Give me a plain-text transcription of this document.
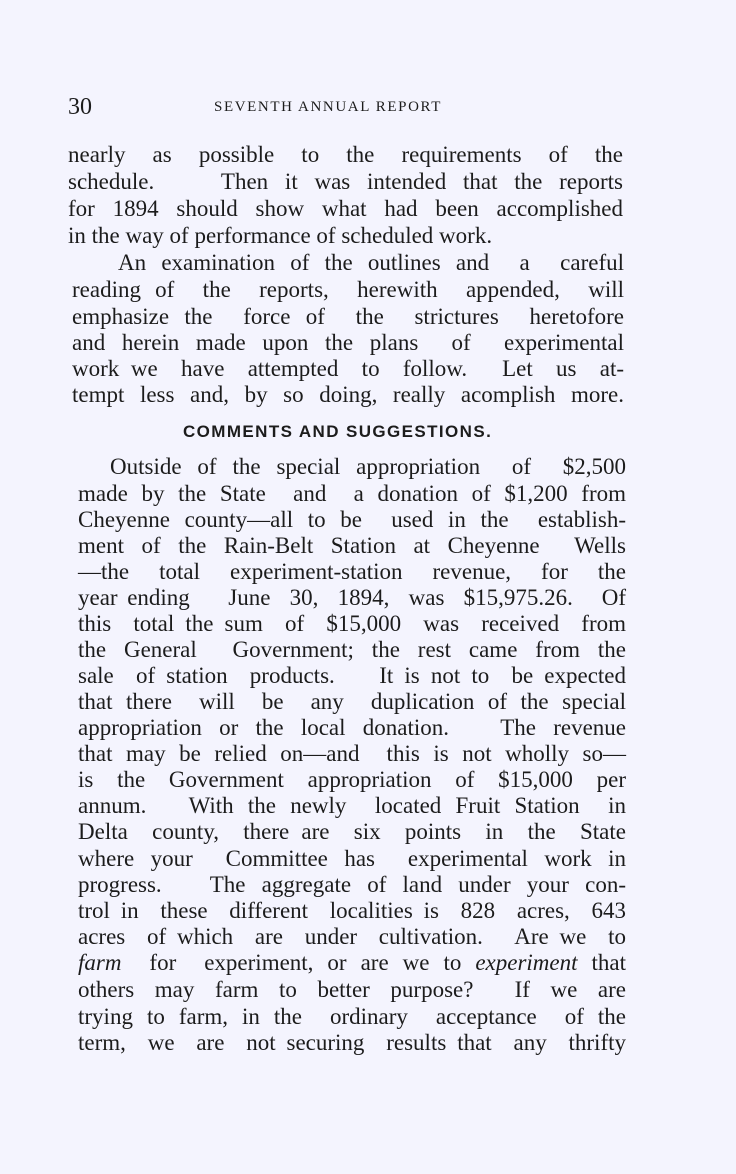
30	SEVENTH ANNUAL REPORT
nearly  as  possible  to  the  requirements  of  the
schedule.    Then it was intended that the reports
for 1894 should show what had been accomplished
in the way of performance of scheduled work.
An examination of the outlines and  a  careful
reading of  the  reports,  herewith  appended,  will
emphasize the  force of  the  strictures  heretofore
and herein made upon the plans  of  experimental
work we  have  attempted  to  follow.   Let  us  at-
tempt less and, by so doing, really acomplish more.
COMMENTS AND SUGGESTIONS.
Outside of the special appropriation  of  $2,500
made by the State  and  a donation of $1,200 from
Cheyenne county—all to be  used in the  establish-
ment of the Rain-Belt Station at Cheyenne  Wells
—the  total  experiment-station  revenue,  for  the
year ending    June  30,  1894,  was  $15,975.26.   Of
this  total the sum  of  $15,000  was  received  from
the General  Government; the rest came from the
sale  of station  products.    It is not to  be expected
that there  will  be  any  duplication of the special
appropriation or the local donation.   The revenue
that may be relied on—and  this is not wholly so—
is  the  Government  appropriation  of  $15,000  per
annum.   With the newly  located Fruit Station  in
Delta  county,  there are  six  points  in  the  State
where your  Committee has  experimental work in
progress.   The aggregate of land under your con-
trol in  these  different  localities is  828  acres,  643
acres  of which  are  under  cultivation.   Are we  to
farm  for  experiment, or are we to experiment that
others  may  farm  to  better  purpose?    If  we  are
trying to farm, in the  ordinary  acceptance  of the
term,  we  are  not securing  results that  any  thrifty
